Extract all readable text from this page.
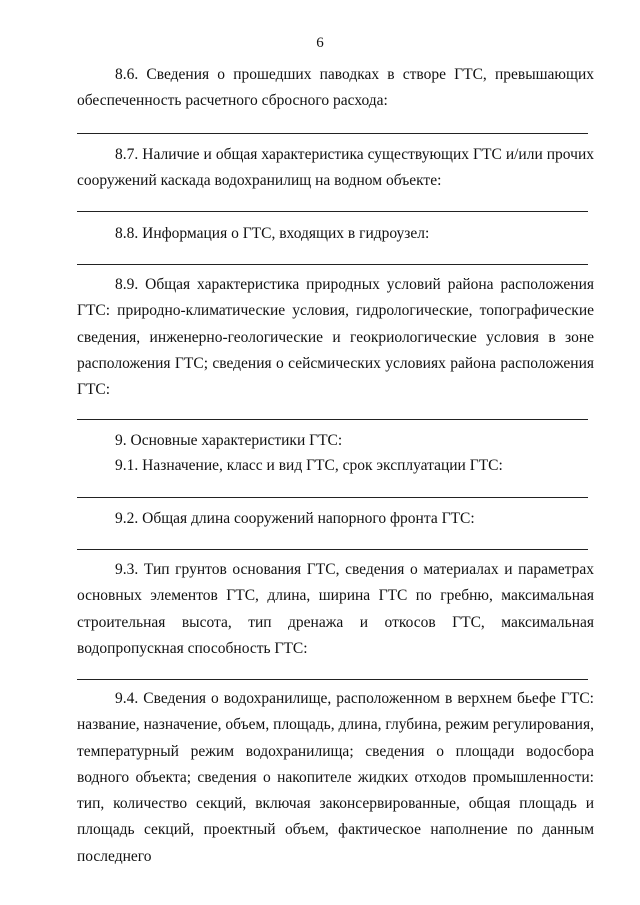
6

8.6. Сведения о прошедших паводках в створе ГТС, превышающих обеспеченность расчетного сбросного расхода:

8.7. Наличие и общая характеристика существующих ГТС и/или прочих сооружений каскада водохранилищ на водном объекте:

8.8. Информация о ГТС, входящих в гидроузел:

8.9. Общая характеристика природных условий района расположения ГТС: природно-климатические условия, гидрологические, топографические сведения, инженерно-геологические и геокриологические условия в зоне расположения ГТС; сведения о сейсмических условиях района расположения ГТС:

9. Основные характеристики ГТС:

9.1. Назначение, класс и вид ГТС, срок эксплуатации ГТС:

9.2. Общая длина сооружений напорного фронта ГТС:

9.3. Тип грунтов основания ГТС, сведения о материалах и параметрах основных элементов ГТС, длина, ширина ГТС по гребню, максимальная строительная высота, тип дренажа и откосов ГТС, максимальная водопропускная способность ГТС:

9.4. Сведения о водохранилище, расположенном в верхнем бьефе ГТС: название, назначение, объем, площадь, длина, глубина, режим регулирования, температурный режим водохранилища; сведения о площади водосбора водного объекта; сведения о накопителе жидких отходов промышленности: тип, количество секций, включая законсервированные, общая площадь и площадь секций, проектный объем, фактическое наполнение по данным последнего
